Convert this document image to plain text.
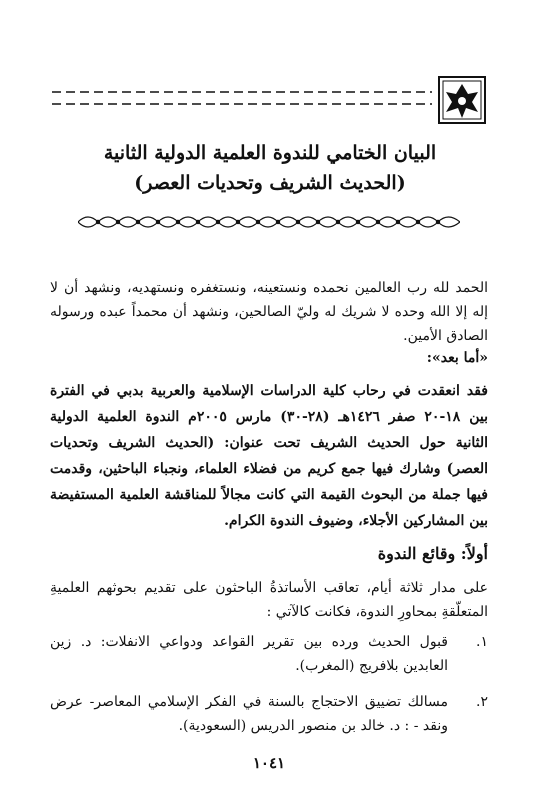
البيان الختامي للندوة العلمية الدولية الثانية
(الحديث الشريف وتحديات العصر)
الحمد لله رب العالمين نحمده ونستعينه، ونستغفره ونستهديه، ونشهد أن لا إله إلا الله وحده لا شريك له وليّ الصالحين، ونشهد أن محمداً عبده ورسوله الصادق الأمين.
«أما بعد»:
فقد انعقدت في رحاب كلية الدراسات الإسلامية والعربية بدبي في الفترة بين ١٨-٢٠ صفر ١٤٢٦هـ (٢٨-٣٠) مارس ٢٠٠٥م الندوة العلمية الدولية الثانية حول الحديث الشريف تحت عنوان: (الحديث الشريف وتحديات العصر) وشارك فيها جمع كريم من فضلاء العلماء، ونجباء الباحثين، وقدمت فيها جملة من البحوث القيمة التي كانت مجالاً للمناقشة العلمية المستفيضة بين المشاركين الأجلاء، وضيوف الندوة الكرام.
أولاً: وقائع الندوة
على مدار ثلاثة أيام، تعاقب الأساتذةُ الباحثون على تقديم بحوثهم العلميةِ المتعلّقةِ بمحاورِ الندوة، فكانت كالآتي :
١.
قبول الحديث ورده بين تقرير القواعد ودواعي الانفلات: د. زين العابدين بلافريج (المغرب).
٢.
مسالك تضييق الاحتجاج بالسنة في الفكر الإسلامي المعاصر- عرض ونقد - : د. خالد بن منصور الدريس (السعودية).
١٠٤١
